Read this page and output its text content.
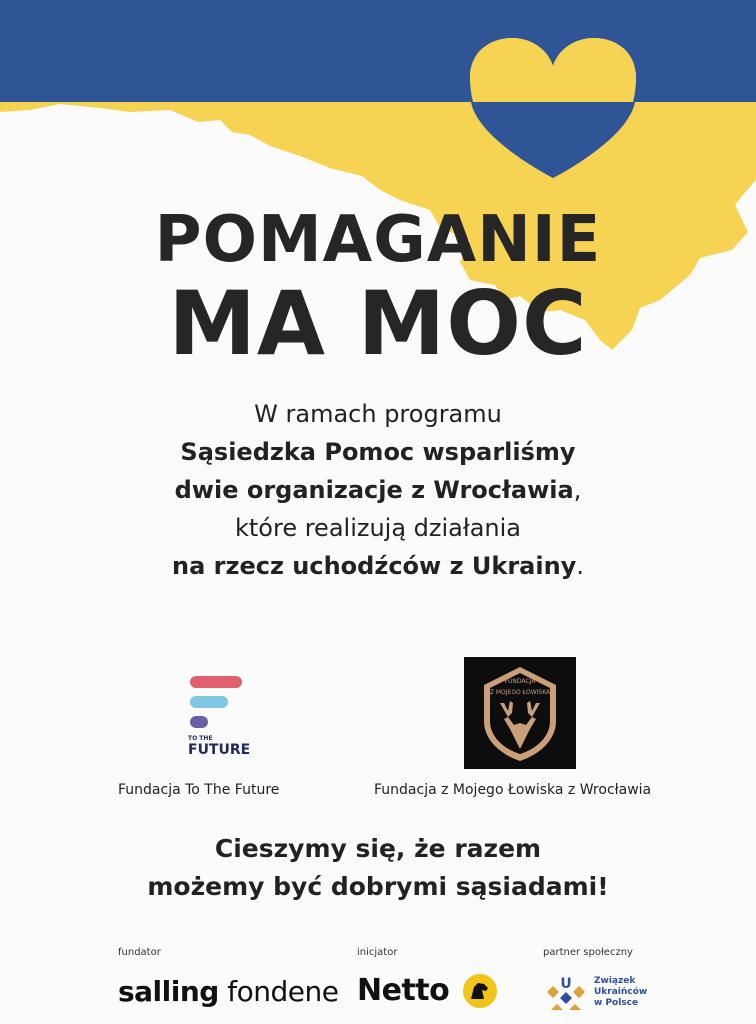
POMAGANIE
MA MOC
W ramach programu
Sąsiedzka Pomoc wsparliśmy
dwie organizacje z Wrocławia,
które realizują działania
na rzecz uchodźców z Ukrainy.
TO THE
FUTURE
FUNDACJA
Z MOJEGO ŁOWISKA
Fundacja To The Future	Fundacja z Mojego Łowiska z Wrocławia
Cieszymy się, że razem
możemy być dobrymi sąsiadami!
fundator	inicjator	partner społeczny
salling fondene Netto	U Związek
Ukraińców
w Polsce
